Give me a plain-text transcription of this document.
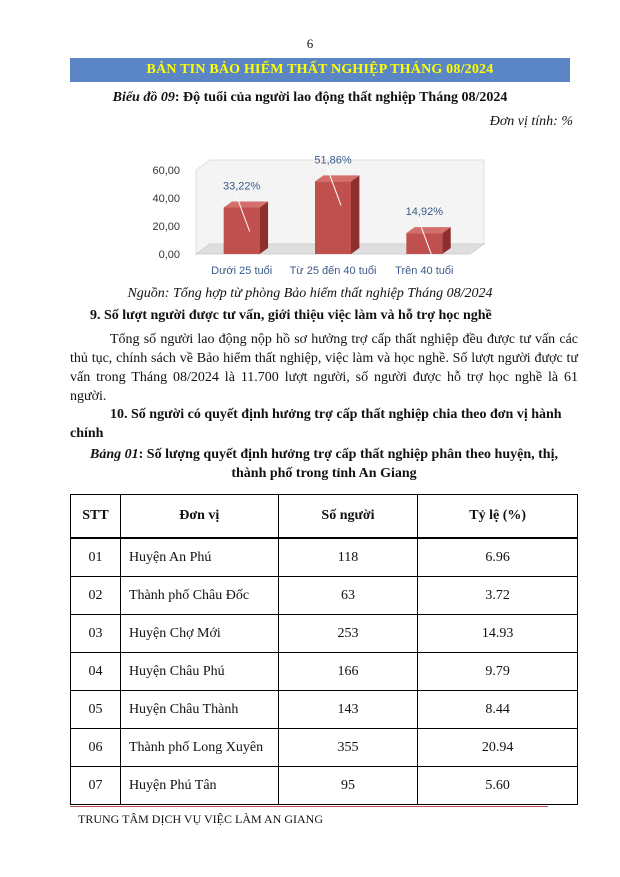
6
BẢN TIN BẢO HIỂM THẤT NGHIỆP THÁNG 08/2024
Biểu đồ 09: Độ tuổi của người lao động thất nghiệp Tháng 08/2024
Đơn vị tính: %
0,00
20,00
40,00
60,00
33,22%
Dưới 25 tuổi
51,86%
Từ 25 đến 40 tuổi
14,92%
Trên 40 tuổi
Nguồn: Tổng hợp từ phòng Bảo hiểm thất nghiệp Tháng 08/2024
9. Số lượt người được tư vấn, giới thiệu việc làm và hỗ trợ học nghề
Tổng số người lao động nộp hồ sơ hưởng trợ cấp thất nghiệp đều được tư vấn các thủ tục, chính sách về Bảo hiểm thất nghiệp, việc làm và học nghề. Số lượt người được tư vấn trong Tháng 08/2024 là 11.700 lượt người, số người được hỗ trợ học nghề là 61 người.
10. Số người có quyết định hưởng trợ cấp thất nghiệp chia theo đơn vị hành chính
Bảng 01: Số lượng quyết định hưởng trợ cấp thất nghiệp phân theo huyện, thị,
thành phố trong tỉnh An Giang
STT	Đơn vị	Số người	Tỷ lệ (%)
01	Huyện An Phú	118	6.96
02	Thành phố Châu Đốc	63	3.72
03	Huyện Chợ Mới	253	14.93
04	Huyện Châu Phú	166	9.79
05	Huyện Châu Thành	143	8.44
06	Thành phố Long Xuyên	355	20.94
07	Huyện Phú Tân	95	5.60
TRUNG TÂM DỊCH VỤ VIỆC LÀM AN GIANG
